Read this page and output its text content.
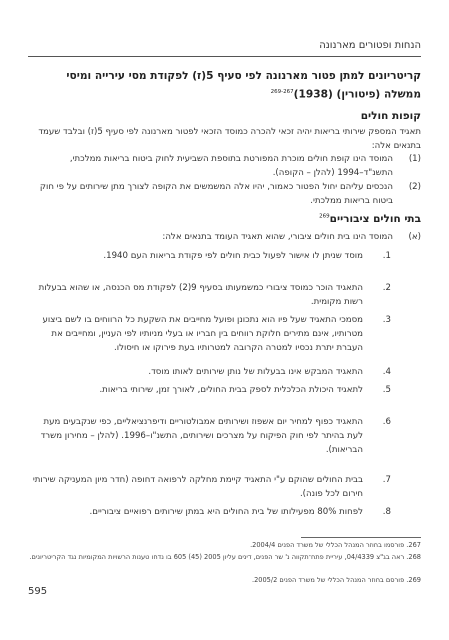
הנחות ופטורים מארנונה
קריטריונים למתן פטור מארנונה לפי סעיף 5(ז) לפקודת מסי עירייה ומיסי ממשלה (פיטורין) $(1938)^{269-267}$
קופות חולים
תאגיד המספק שירותי בריאות יהיה זכאי להכרה כמוסד הזכאי לפטור מארנונה לפי סעיף 5(ז) ובלבד שעמד בתנאים אלה:
(1)
המוסד הינו קופת חולים מוכרת המפורטת בתוספת השביעית לחוק ביטוח בריאות ממלכתי, התשנ"ד–1994 (להלן – הקופה).
(2)
הנכסים עליהם יחול הפטור כאמור, יהיו אלה המשמשים את הקופה לצורך מתן שירותים על פי חוק ביטוח בריאות ממלכתי.
בתי חולים ציבוריים$^{269}$
(א)
המוסד הינו בית חולים ציבורי, שהוא תאגיד העומד בתנאים אלה:
1.
מוסד שניתן לו אישור לפעול כבית חולים לפי פקודת בריאות העם 1940.
2.
התאגיד הוכר כמוסד ציבורי כמשמעותו בסעיף 9(2) לפקודת מס הכנסה, או שהוא בבעלות רשות מקומית.
3.
מסמכי התאגיד שעל פיו הוא נתכונן ופועל מחייבים את השקעת כל הרווחים בו לשם ביצוע מטרותיו, אינם מתירים חלוקת רווחים בין חבריו או בעלי מניותיו לפי העניין, ומחייבים את העברת יתרת נכסיו למטרה הקרובה למטרותיו בעת פירוקו או חיסולו.
4.
התאגיד המבקש אינו בבעלות של נותן שירותים לאותו מוסד.
5.
לתאגיד היכולת הכלכלית לספק בבית החולים, לאורך זמן, שירותי בריאות.
6.
התאגיד כפוף למחיר יום אשפוז ושירותים אמבולטוריים ודיפרנציאליים, כפי שנקבעים מעת לעת בהיתר לפי חוק הפיקוח על מצרכים ושירותים, התשנ"ו–1996. (להלן – מחירון משרד הבריאות).
7.
בבית החולים שהוקם ע"י התאגיד קיימת מחלקה לרפואה דחופה (חדר מיון המעניקה שירותי חירום לכל פונה).
8.
לפחות 80% מפעילותו של בית החולים היא במתן שירותים רפואיים ציבוריים.
267. פורסמו בחוזר המנהל הכללי של משרד הפנים 2004/4.
268. ראה בג"צ 04/4339, עיריית פתח־תקווה נ' שר הפנים, דינים עליון 2005 (45) 605 בו נדחו טענות הרשויות המקומיות נגד הקריטריונים.
269. פורסם בחוזר המנהל הכללי של משרד הפנים 2005/2.
595
